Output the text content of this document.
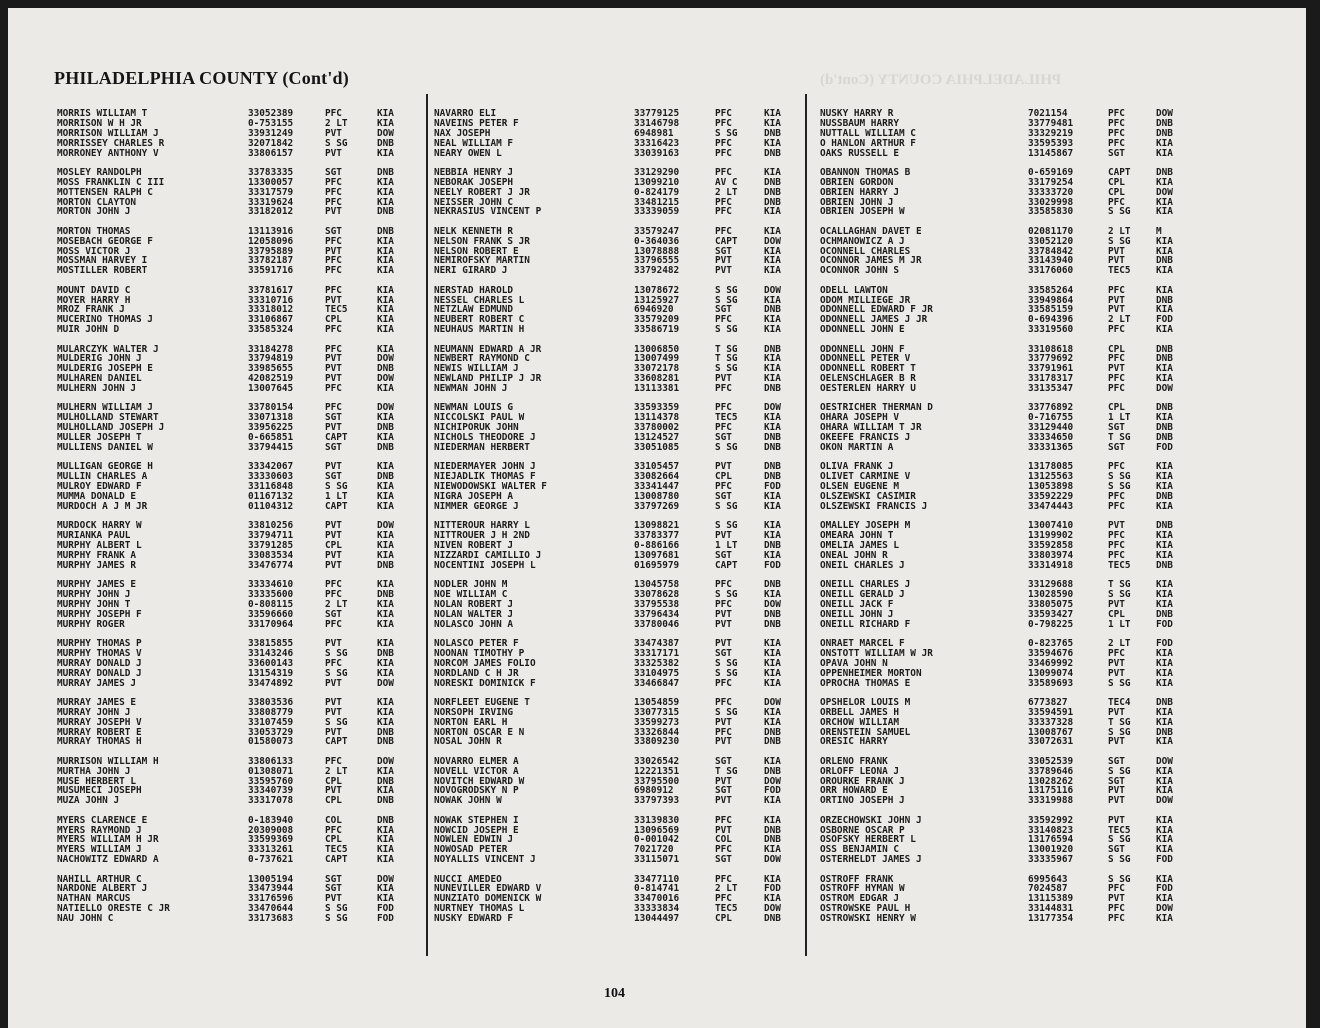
PHILADELPHIA COUNTY (Cont'd)
PHILADELPHIA COUNTY (Cont'd)
MORRIS WILLIAM T	33052389	PFC	KIA
MORRISON W H JR	0-753155	2 LT	KIA
MORRISON WILLIAM J	33931249	PVT	DOW
MORRISSEY CHARLES R	32071842	S SG	DNB
MORRONEY ANTHONY V	33806157	PVT	KIA
MOSLEY RANDOLPH	33783335	SGT	DNB
MOSS FRANKLIN C III	13300057	PFC	KIA
MOTTENSEN RALPH C	33317579	PFC	KIA
MORTON CLAYTON	33319624	PFC	KIA
MORTON JOHN J	33182012	PVT	DNB
MORTON THOMAS	13113916	SGT	DNB
MOSEBACH GEORGE F	12058096	PFC	KIA
MOSS VICTOR J	33795889	PVT	KIA
MOSSMAN HARVEY I	33782187	PFC	KIA
MOSTILLER ROBERT	33591716	PFC	KIA
MOUNT DAVID C	33781617	PFC	KIA
MOYER HARRY H	33310716	PVT	KIA
MROZ FRANK J	33318012	TEC5	KIA
MUCERINO THOMAS J	33106867	CPL	KIA
MUIR JOHN D	33585324	PFC	KIA
MULARCZYK WALTER J	33184278	PFC	KIA
MULDERIG JOHN J	33794819	PVT	DOW
MULDERIG JOSEPH E	33985655	PVT	DNB
MULHAREN DANIEL	42082519	PVT	DOW
MULHERN JOHN J	13007645	PFC	KIA
MULHERN WILLIAM J	33780154	PFC	DOW
MULHOLLAND STEWART	33071318	SGT	KIA
MULHOLLAND JOSEPH J	33956225	PVT	DNB
MULLER JOSEPH T	0-665851	CAPT	KIA
MULLIENS DANIEL W	33794415	SGT	DNB
MULLIGAN GEORGE H	33342067	PVT	KIA
MULLIN CHARLES A	33330603	SGT	DNB
MULROY EDWARD F	33116848	S SG	KIA
MUMMA DONALD E	01167132	1 LT	KIA
MURDOCH A J M JR	01104312	CAPT	KIA
MURDOCK HARRY W	33810256	PVT	DOW
MURIANKA PAUL	33794711	PVT	KIA
MURPHY ALBERT L	33791285	CPL	KIA
MURPHY FRANK A	33083534	PVT	KIA
MURPHY JAMES R	33476774	PVT	DNB
MURPHY JAMES E	33334610	PFC	KIA
MURPHY JOHN J	33335600	PFC	DNB
MURPHY JOHN T	0-808115	2 LT	KIA
MURPHY JOSEPH F	33596660	SGT	KIA
MURPHY ROGER	33170964	PFC	KIA
MURPHY THOMAS P	33815855	PVT	KIA
MURPHY THOMAS V	33143246	S SG	DNB
MURRAY DONALD J	33600143	PFC	KIA
MURRAY DONALD J	13154319	S SG	KIA
MURRAY JAMES J	33474892	PVT	DOW
MURRAY JAMES E	33803536	PVT	KIA
MURRAY JOHN J	33808779	PVT	KIA
MURRAY JOSEPH V	33107459	S SG	KIA
MURRAY ROBERT E	33053729	PVT	DNB
MURRAY THOMAS H	01580073	CAPT	DNB
MURRISON WILLIAM H	33806133	PFC	DOW
MURTHA JOHN J	01308071	2 LT	KIA
MUSE HERBERT L	33595760	CPL	DNB
MUSUMECI JOSEPH	33340739	PVT	KIA
MUZA JOHN J	33317078	CPL	DNB
MYERS CLARENCE E	0-183940	COL	DNB
MYERS RAYMOND J	20309008	PFC	KIA
MYERS WILLIAM H JR	33599369	CPL	KIA
MYERS WILLIAM J	33313261	TEC5	KIA
NACHOWITZ EDWARD A	0-737621	CAPT	KIA
NAHILL ARTHUR C	13005194	SGT	DOW
NARDONE ALBERT J	33473944	SGT	KIA
NATHAN MARCUS	33176596	PVT	KIA
NATIELLO ORESTE C JR	33470644	S SG	FOD
NAU JOHN C	33173683	S SG	FOD
NAVARRO ELI	33779125	PFC	KIA
NAVEINS PETER F	33146798	PFC	KIA
NAX JOSEPH	6948981	S SG	DNB
NEAL WILLIAM F	33316423	PFC	KIA
NEARY OWEN L	33039163	PFC	DNB
NEBBIA HENRY J	33129290	PFC	KIA
NEBORAK JOSEPH	13099210	AV C	DNB
NEELY ROBERT J JR	0-824179	2 LT	DNB
NEISSER JOHN C	33481215	PFC	DNB
NEKRASIUS VINCENT P	33339059	PFC	KIA
NELK KENNETH R	33579247	PFC	KIA
NELSON FRANK S JR	0-364036	CAPT	DOW
NELSON ROBERT E	13078888	SGT	KIA
NEMIROFSKY MARTIN	33796555	PVT	KIA
NERI GIRARD J	33792482	PVT	KIA
NERSTAD HAROLD	13078672	S SG	DOW
NESSEL CHARLES L	13125927	S SG	KIA
NETZLAW EDMUND	6946920	SGT	DNB
NEUBERT ROBERT C	33579209	PFC	KIA
NEUHAUS MARTIN H	33586719	S SG	KIA
NEUMANN EDWARD A JR	13006850	T SG	DNB
NEWBERT RAYMOND C	13007499	T SG	KIA
NEWIS WILLIAM J	33072178	S SG	KIA
NEWLAND PHILIP J JR	33608281	PVT	KIA
NEWMAN JOHN J	13113381	PFC	DNB
NEWMAN LOUIS G	33593359	PFC	DOW
NICCOLSKI PAUL W	13114378	TEC5	KIA
NICHIPORUK JOHN	33780002	PFC	KIA
NICHOLS THEODORE J	13124527	SGT	DNB
NIEDERMAN HERBERT	33051085	S SG	DNB
NIEDERMAYER JOHN J	33105457	PVT	DNB
NIEJADLIK THOMAS F	33082664	CPL	DNB
NIEWODOWSKI WALTER F	33341447	PFC	FOD
NIGRA JOSEPH A	13008780	SGT	KIA
NIMMER GEORGE J	33797269	S SG	KIA
NITTEROUR HARRY L	13098821	S SG	KIA
NITTROUER J H 2ND	33783377	PVT	KIA
NIVEN ROBERT J	0-886166	1 LT	DNB
NIZZARDI CAMILLIO J	13097681	SGT	KIA
NOCENTINI JOSEPH L	01695979	CAPT	FOD
NODLER JOHN M	13045758	PFC	DNB
NOE WILLIAM C	33078628	S SG	KIA
NOLAN ROBERT J	33795538	PFC	DOW
NOLAN WALTER J	33796434	PVT	DNB
NOLASCO JOHN A	33780046	PVT	DNB
NOLASCO PETER F	33474387	PVT	KIA
NOONAN TIMOTHY P	33317171	SGT	KIA
NORCOM JAMES FOLIO	33325382	S SG	KIA
NORDLAND C H JR	33104975	S SG	KIA
NORESKI DOMINICK F	33466847	PFC	KIA
NORFLEET EUGENE T	13054859	PFC	DOW
NORSOPH IRVING	33077315	S SG	KIA
NORTON EARL H	33599273	PVT	KIA
NORTON OSCAR E N	33326844	PFC	DNB
NOSAL JOHN R	33809230	PVT	DNB
NOVARRO ELMER A	33026542	SGT	KIA
NOVELL VICTOR A	12221351	T SG	DNB
NOVITCH EDWARD W	33795500	PVT	DOW
NOVOGRODSKY N P	6980912	SGT	FOD
NOWAK JOHN W	33797393	PVT	KIA
NOWAK STEPHEN I	33139830	PFC	KIA
NOWCID JOSEPH E	13096569	PVT	DNB
NOWLEN EDWIN J	0-001042	COL	DNB
NOWOSAD PETER	7021720	PFC	KIA
NOYALLIS VINCENT J	33115071	SGT	DOW
NUCCI AMEDEO	33477110	PFC	KIA
NUNEVILLER EDWARD V	0-814741	2 LT	FOD
NUNZIATO DOMENICK W	33470016	PFC	KIA
NURTNEY THOMAS L	33333834	TEC5	DOW
NUSKY EDWARD F	13044497	CPL	DNB
NUSKY HARRY R	7021154	PFC	DOW
NUSSBAUM HARRY	33779481	PFC	DNB
NUTTALL WILLIAM C	33329219	PFC	DNB
O HANLON ARTHUR F	33595393	PFC	KIA
OAKS RUSSELL E	13145867	SGT	KIA
OBANNON THOMAS B	0-659169	CAPT	DNB
OBRIEN GORDON	33179254	CPL	KIA
OBRIEN HARRY J	33333720	CPL	DOW
OBRIEN JOHN J	33029998	PFC	KIA
OBRIEN JOSEPH W	33585830	S SG	KIA
OCALLAGHAN DAVET E	02081170	2 LT	M
OCHMANOWICZ A J	33052120	S SG	KIA
OCONNELL CHARLES	33784842	PVT	KIA
OCONNOR JAMES M JR	33143940	PVT	DNB
OCONNOR JOHN S	33176060	TEC5	KIA
ODELL LAWTON	33585264	PFC	KIA
ODOM MILLIEGE JR	33949864	PVT	DNB
ODONNELL EDWARD F JR	33585159	PVT	KIA
ODONNELL JAMES J JR	0-694396	2 LT	FOD
ODONNELL JOHN E	33319560	PFC	KIA
ODONNELL JOHN F	33108618	CPL	DNB
ODONNELL PETER V	33779692	PFC	DNB
ODONNELL ROBERT T	33791961	PVT	KIA
OELENSCHLAGER B R	33178317	PFC	KIA
OESTERLEN HARRY U	33135347	PFC	DOW
OESTRICHER THERMAN D	33776892	CPL	DNB
OHARA JOSEPH V	0-716755	1 LT	KIA
OHARA WILLIAM T JR	33129440	SGT	DNB
OKEEFE FRANCIS J	33334650	T SG	DNB
OKON MARTIN A	33331365	SGT	FOD
OLIVA FRANK J	13178085	PFC	KIA
OLIVET CARMINE V	13125563	S SG	KIA
OLSEN EUGENE M	13053898	S SG	KIA
OLSZEWSKI CASIMIR	33592229	PFC	DNB
OLSZEWSKI FRANCIS J	33474443	PFC	KIA
OMALLEY JOSEPH M	13007410	PVT	DNB
OMEARA JOHN T	13199902	PFC	KIA
OMELIA JAMES L	33592858	PFC	KIA
ONEAL JOHN R	33803974	PFC	KIA
ONEIL CHARLES J	33314918	TEC5	DNB
ONEILL CHARLES J	33129688	T SG	KIA
ONEILL GERALD J	13028590	S SG	KIA
ONEILL JACK F	33805075	PVT	KIA
ONEILL JOHN J	33593427	CPL	DNB
ONEILL RICHARD F	0-798225	1 LT	FOD
ONRAET MARCEL F	0-823765	2 LT	FOD
ONSTOTT WILLIAM W JR	33594676	PFC	KIA
OPAVA JOHN N	33469992	PVT	KIA
OPPENHEIMER MORTON	13099074	PVT	KIA
OPROCHA THOMAS E	33589693	S SG	KIA
OPSHELOR LOUIS M	6773827	TEC4	DNB
ORBELL JAMES H	33594591	PVT	KIA
ORCHOW WILLIAM	33337328	T SG	KIA
ORENSTEIN SAMUEL	13008767	S SG	DNB
ORESIC HARRY	33072631	PVT	KIA
ORLENO FRANK	33052539	SGT	DOW
ORLOFF LEONA J	33789646	S SG	KIA
OROURKE FRANK J	13028262	SGT	KIA
ORR HOWARD E	13175116	PVT	KIA
ORTINO JOSEPH J	33319988	PVT	DOW
ORZECHOWSKI JOHN J	33592992	PVT	KIA
OSBORNE OSCAR P	33140823	TEC5	KIA
OSOFSKY HERBERT L	13176594	S SG	KIA
OSS BENJAMIN C	13001920	SGT	KIA
OSTERHELDT JAMES J	33335967	S SG	FOD
OSTROFF FRANK	6995643	S SG	KIA
OSTROFF HYMAN W	7024587	PFC	FOD
OSTROM EDGAR J	13115389	PVT	KIA
OSTROWSKE PAUL H	33144831	PFC	DOW
OSTROWSKI HENRY W	13177354	PFC	KIA
104
